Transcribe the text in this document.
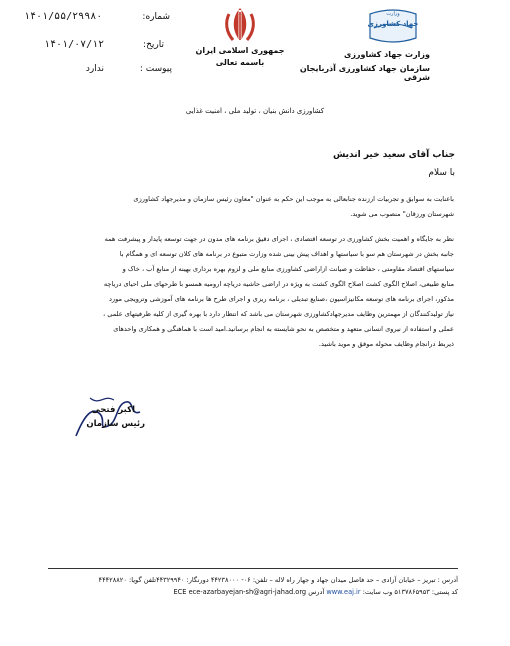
جمهوری اسلامی ایران
باسمه تعالی
وزارت
جهاد کشاورزی
وزارت جهاد کشاورزی
سازمان جهاد کشاورزی آذربایجان شرقی
شماره:
۱۴۰۱/۵۵/۲۹۹۸۰
تاریخ:
۱۴۰۱/۰۷/۱۲
پیوست :
ندارد
کشاورزی دانش بنیان ، تولید ملی ، امنیت غذایی
جناب آقای سعید خیر اندیش
با سلام
باعنایت به سوابق و تجربیات ارزنده جنابعالی به موجب این حکم به عنوان "معاون رئیس سازمان و مدیرجهاد کشاورزی
شهرستان ورزقان" منصوب می شوید.
نظر به جایگاه و اهمیت بخش کشاورزی در توسعه اقتصادی ، اجرای دقیق برنامه های مدون در جهت توسعه پایدار و پیشرفت همه
جانبه بخش در شهرستان هم سو با سیاستها و اهداف پیش بینی شده وزارت متبوع در برنامه های کلان توسعه ای و همگام با
سیاستهای اقتصاد مقاومتی ، حفاظت و صیانت ازاراضی کشاورزی منابع ملی و لزوم بهره برداری بهینه از منابع آب ، خاک و
منابع طبیعی، اصلاح الگوی کشت اصلاح الگوی کشت به ویژه در اراضی حاشیه دریاچه ارومیه همسو با طرحهای ملی احیای دریاچه
مذکور، اجرای برنامه های توسعه مکانیزاسیون ،صنایع تبدیلی ، برنامه ریزی و اجرای طرح ها برنامه های آموزشی وترویجی مورد
نیاز تولیدکنندگان از مهمترین وظایف مدیرجهادکشاورزی شهرستان می باشد که انتظار دارد با بهره گیری از کلیه ظرفیتهای علمی ،
عملی و استفاده از نیروی انسانی متعهد و متخصص به نحو شایسته به انجام برسانید.امید است با هماهنگی و همکاری واحدهای
ذیربط درانجام وظایف محوله موفق و موید باشید.
اکبر فتحی
رئیس سازمان
آدرس : تبریز – خیابان آزادی – حد فاصل میدان جهاد و جهار راه لاله – تلفن: ۰۶- ۴۴۲۳۸۰۰۰ دورنگار: ۴۴۳۲۹۹۴۰تلفن گویا: ۴۴۴۲۸۸۲۰
کد پستی: ۵۱۳۷۸۶۵۹۵۳ وب سایت: www.eaj.ir آدرس ECE ece-azarbayejan-sh@agri-jahad.org
